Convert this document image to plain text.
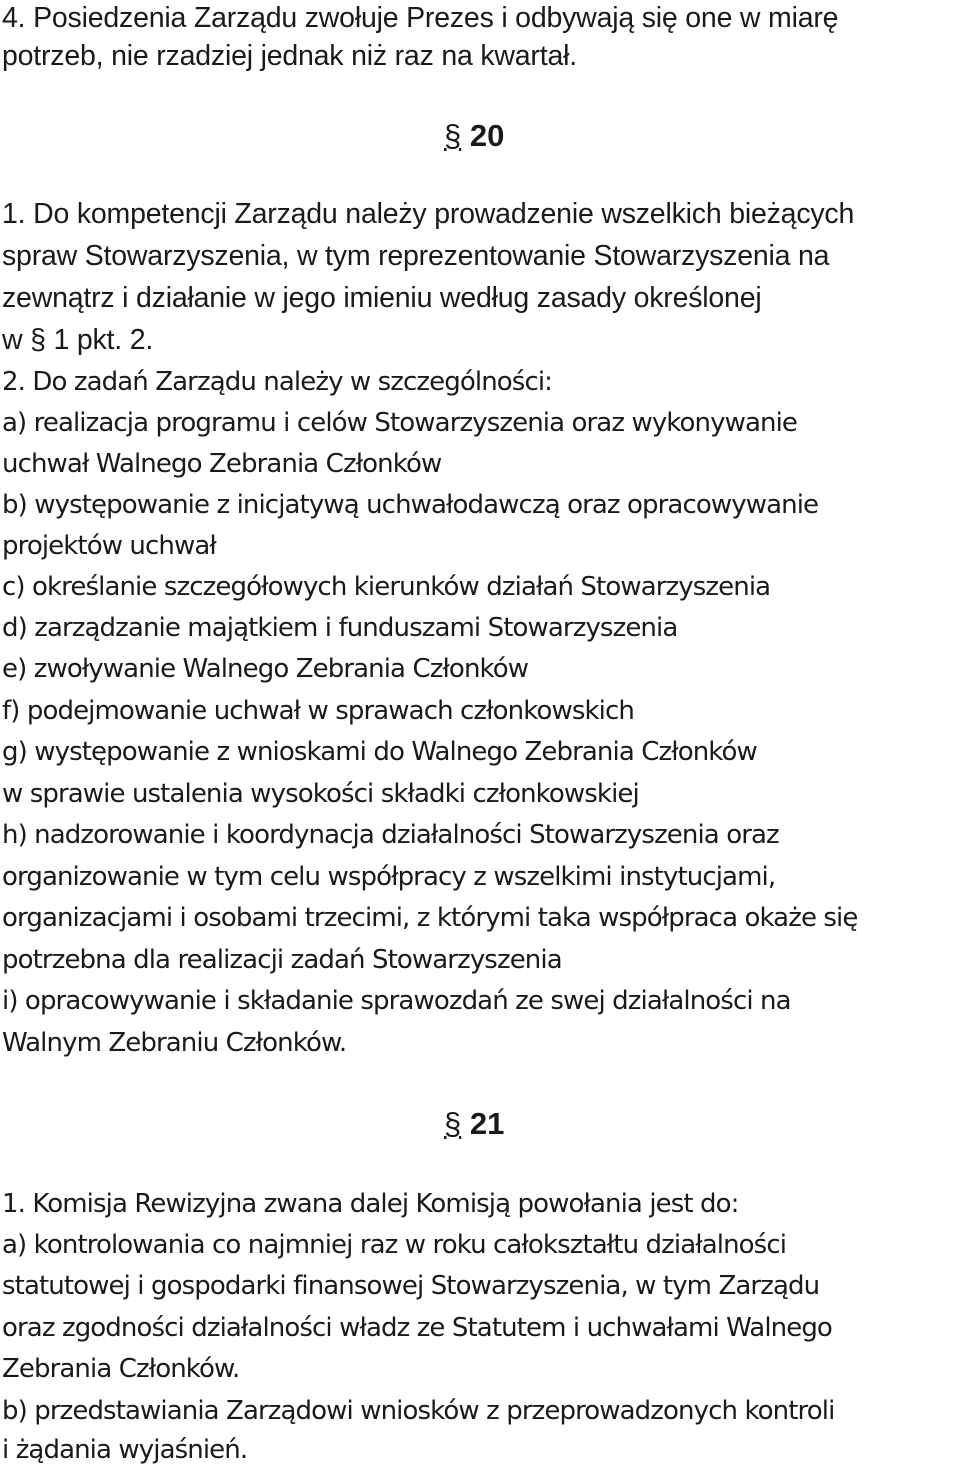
4. Posiedzenia Zarządu zwołuje Prezes i odbywają się one w miarę
potrzeb, nie rzadziej jednak niż raz na kwartał.
§ 20
1. Do kompetencji Zarządu należy prowadzenie wszelkich bieżących
spraw Stowarzyszenia, w tym reprezentowanie Stowarzyszenia na
zewnątrz i działanie w jego imieniu według zasady określonej
w § 1 pkt. 2.
2. Do zadań Zarządu należy w szczególności:
a) realizacja programu i celów Stowarzyszenia oraz wykonywanie
uchwał Walnego Zebrania Członków
b) występowanie z inicjatywą uchwałodawczą oraz opracowywanie
projektów uchwał
c) określanie szczegółowych kierunków działań Stowarzyszenia
d) zarządzanie majątkiem i funduszami Stowarzyszenia
e) zwoływanie Walnego Zebrania Członków
f) podejmowanie uchwał w sprawach członkowskich
g) występowanie z wnioskami do Walnego Zebrania Członków
w sprawie ustalenia wysokości składki członkowskiej
h) nadzorowanie i koordynacja działalności Stowarzyszenia oraz
organizowanie w tym celu współpracy z wszelkimi instytucjami,
organizacjami i osobami trzecimi, z którymi taka współpraca okaże się
potrzebna dla realizacji zadań Stowarzyszenia
i) opracowywanie i składanie sprawozdań ze swej działalności na
Walnym Zebraniu Członków.
§ 21
1. Komisja Rewizyjna zwana dalej Komisją powołania jest do:
a) kontrolowania co najmniej raz w roku całokształtu działalności
statutowej i gospodarki finansowej Stowarzyszenia, w tym Zarządu
oraz zgodności działalności władz ze Statutem i uchwałami Walnego
Zebrania Członków.
b) przedstawiania Zarządowi wniosków z przeprowadzonych kontroli
i żądania wyjaśnień.
